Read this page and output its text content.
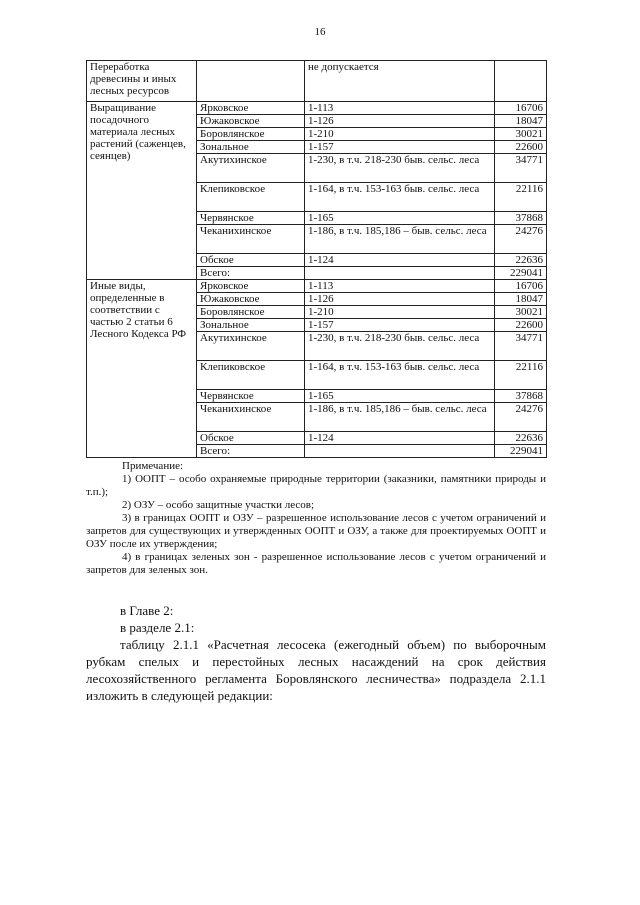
16
Переработка древесины и иных лесных ресурсов		не допускается	
Выращивание посадочного материала лесных растений (саженцев, сеянцев)	Ярковское	1-113	16706
	Южаковское	1-126	18047
	Боровлянское	1-210	30021
	Зональное	1-157	22600
	Акутихинское	1-230, в т.ч. 218-230 быв. сельс. леса	34771
	Клепиковское	1-164, в т.ч. 153-163 быв. сельс. леса	22116
	Червянское	1-165	37868
	Чеканихинское	1-186, в т.ч. 185,186 – быв. сельс. леса	24276
	Обское	1-124	22636
	Всего:		229041
Иные виды, определенные в соответствии с частью 2 статьи 6 Лесного Кодекса РФ	Ярковское	1-113	16706
	Южаковское	1-126	18047
	Боровлянское	1-210	30021
	Зональное	1-157	22600
	Акутихинское	1-230, в т.ч. 218-230 быв. сельс. леса	34771
	Клепиковское	1-164, в т.ч. 153-163 быв. сельс. леса	22116
	Червянское	1-165	37868
	Чеканихинское	1-186, в т.ч. 185,186 – быв. сельс. леса	24276
	Обское	1-124	22636
	Всего:		229041

Примечание:

1) ООПТ – особо охраняемые природные территории (заказники, памятники природы и т.п.);

2) ОЗУ – особо защитные участки лесов;

3) в границах ООПТ и ОЗУ – разрешенное использование лесов с учетом ограничений и запретов для существующих и утвержденных ООПТ и ОЗУ, а также для проектируемых ООПТ и ОЗУ после их утверждения;

4) в границах зеленых зон - разрешенное использование лесов с учетом ограничений и запретов для зеленых зон.

в Главе 2:

в разделе 2.1:

таблицу 2.1.1 «Расчетная лесосека (ежегодный объем) по выборочным рубкам спелых и перестойных лесных насаждений на срок действия лесохозяйственного регламента Боровлянского лесничества» подраздела 2.1.1 изложить в следующей редакции:
